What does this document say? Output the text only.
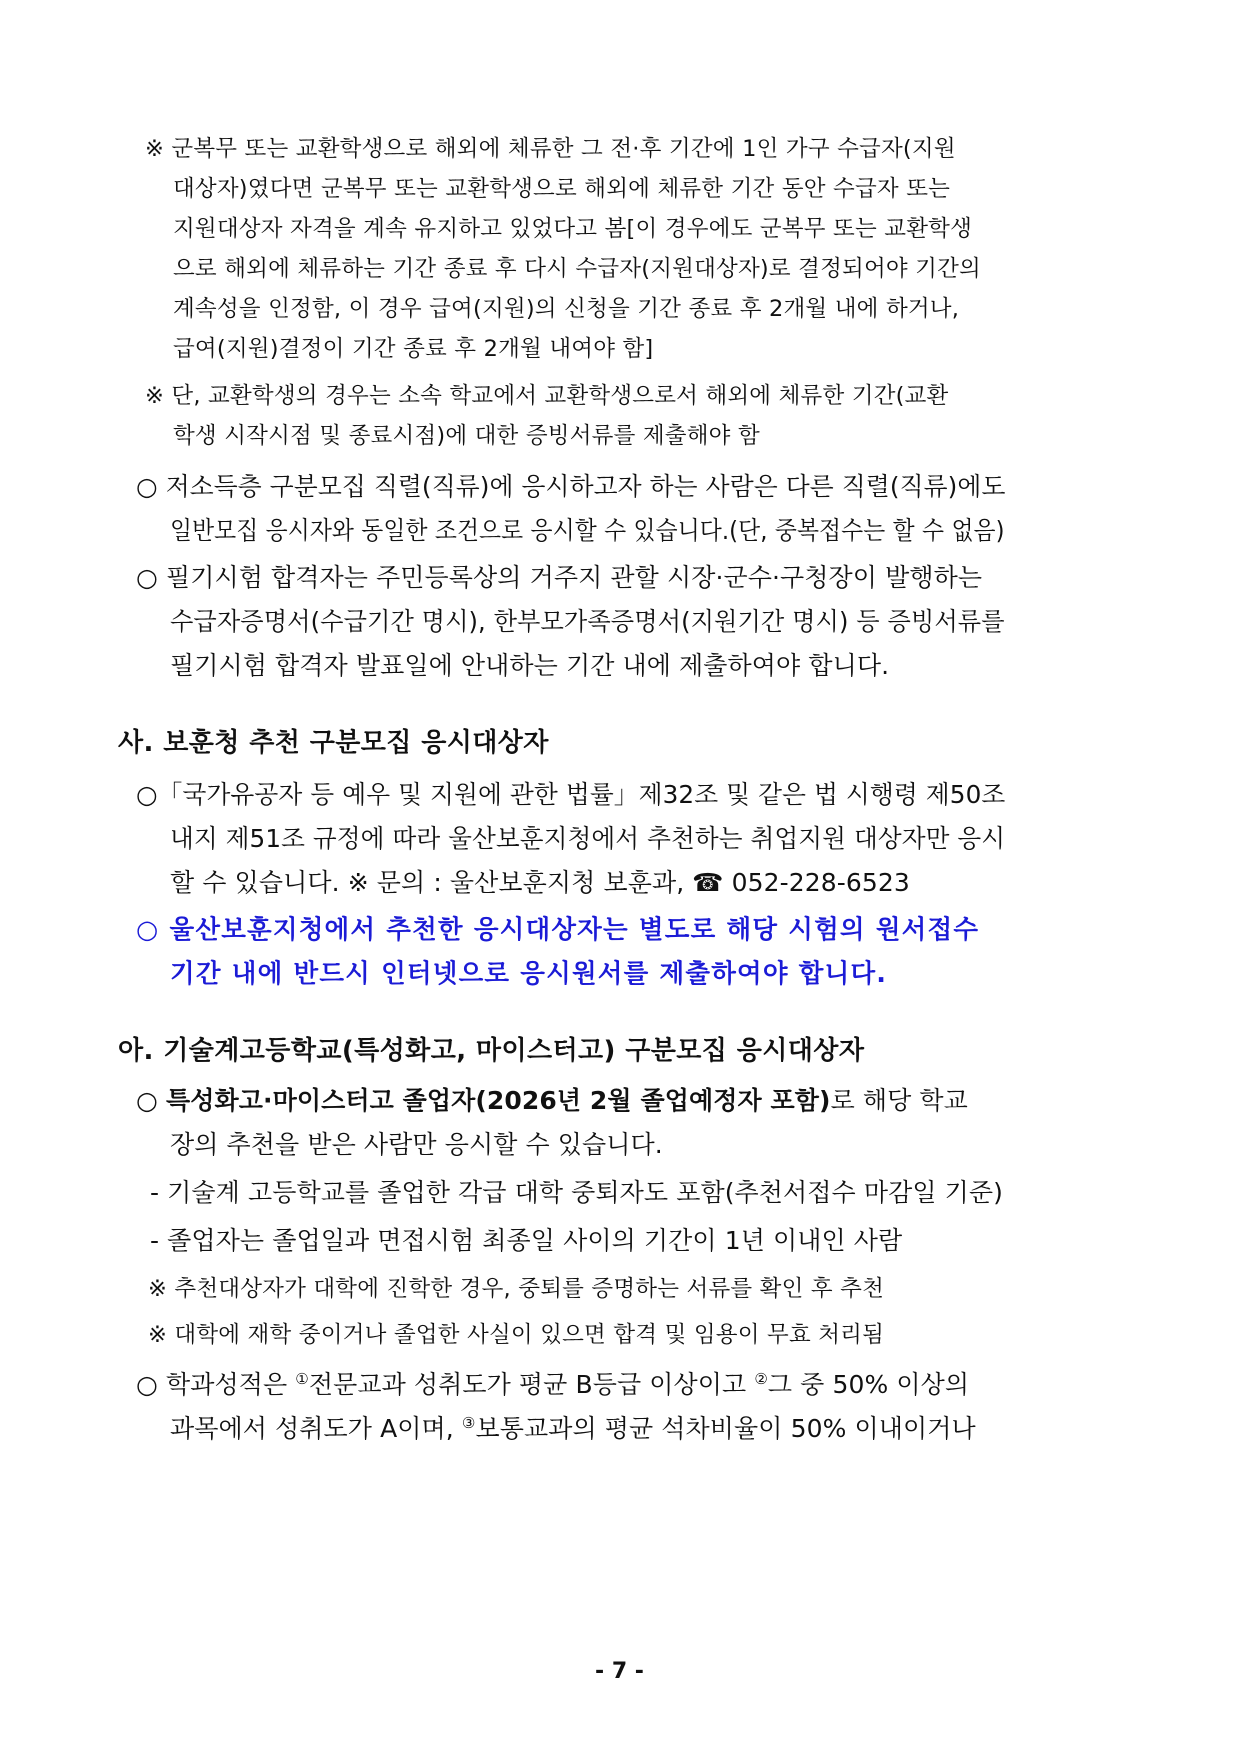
※ 군복무 또는 교환학생으로 해외에 체류한 그 전·후 기간에 1인 가구 수급자(지원
대상자)였다면 군복무 또는 교환학생으로 해외에 체류한 기간 동안 수급자 또는
지원대상자 자격을 계속 유지하고 있었다고 봄[이 경우에도 군복무 또는 교환학생
으로 해외에 체류하는 기간 종료 후 다시 수급자(지원대상자)로 결정되어야 기간의
계속성을 인정함, 이 경우 급여(지원)의 신청을 기간 종료 후 2개월 내에 하거나,
급여(지원)결정이 기간 종료 후 2개월 내여야 함]
※ 단, 교환학생의 경우는 소속 학교에서 교환학생으로서 해외에 체류한 기간(교환
학생 시작시점 및 종료시점)에 대한 증빙서류를 제출해야 함
○ 저소득층 구분모집 직렬(직류)에 응시하고자 하는 사람은 다른 직렬(직류)에도
일반모집 응시자와 동일한 조건으로 응시할 수 있습니다.(단, 중복접수는 할 수 없음)
○ 필기시험 합격자는 주민등록상의 거주지 관할 시장·군수·구청장이 발행하는
수급자증명서(수급기간 명시), 한부모가족증명서(지원기간 명시) 등 증빙서류를
필기시험 합격자 발표일에 안내하는 기간 내에 제출하여야 합니다.
사. 보훈청 추천 구분모집 응시대상자
○「국가유공자 등 예우 및 지원에 관한 법률」제32조 및 같은 법 시행령 제50조
내지 제51조 규정에 따라 울산보훈지청에서 추천하는 취업지원 대상자만 응시
할 수 있습니다. ※ 문의 : 울산보훈지청 보훈과, ☎ 052-228-6523
○ 울산보훈지청에서 추천한 응시대상자는 별도로 해당 시험의 원서접수
기간 내에 반드시 인터넷으로 응시원서를 제출하여야 합니다.
아. 기술계고등학교(특성화고, 마이스터고) 구분모집 응시대상자
○ 특성화고·마이스터고 졸업자(2026년 2월 졸업예정자 포함)로 해당 학교
장의 추천을 받은 사람만 응시할 수 있습니다.
- 기술계 고등학교를 졸업한 각급 대학 중퇴자도 포함(추천서접수 마감일 기준)
- 졸업자는 졸업일과 면접시험 최종일 사이의 기간이 1년 이내인 사람
※ 추천대상자가 대학에 진학한 경우, 중퇴를 증명하는 서류를 확인 후 추천
※ 대학에 재학 중이거나 졸업한 사실이 있으면 합격 및 임용이 무효 처리됨
○ 학과성적은 ①전문교과 성취도가 평균 B등급 이상이고 ②그 중 50% 이상의
과목에서 성취도가 A이며, ③보통교과의 평균 석차비율이 50% 이내이거나
- 7 -
